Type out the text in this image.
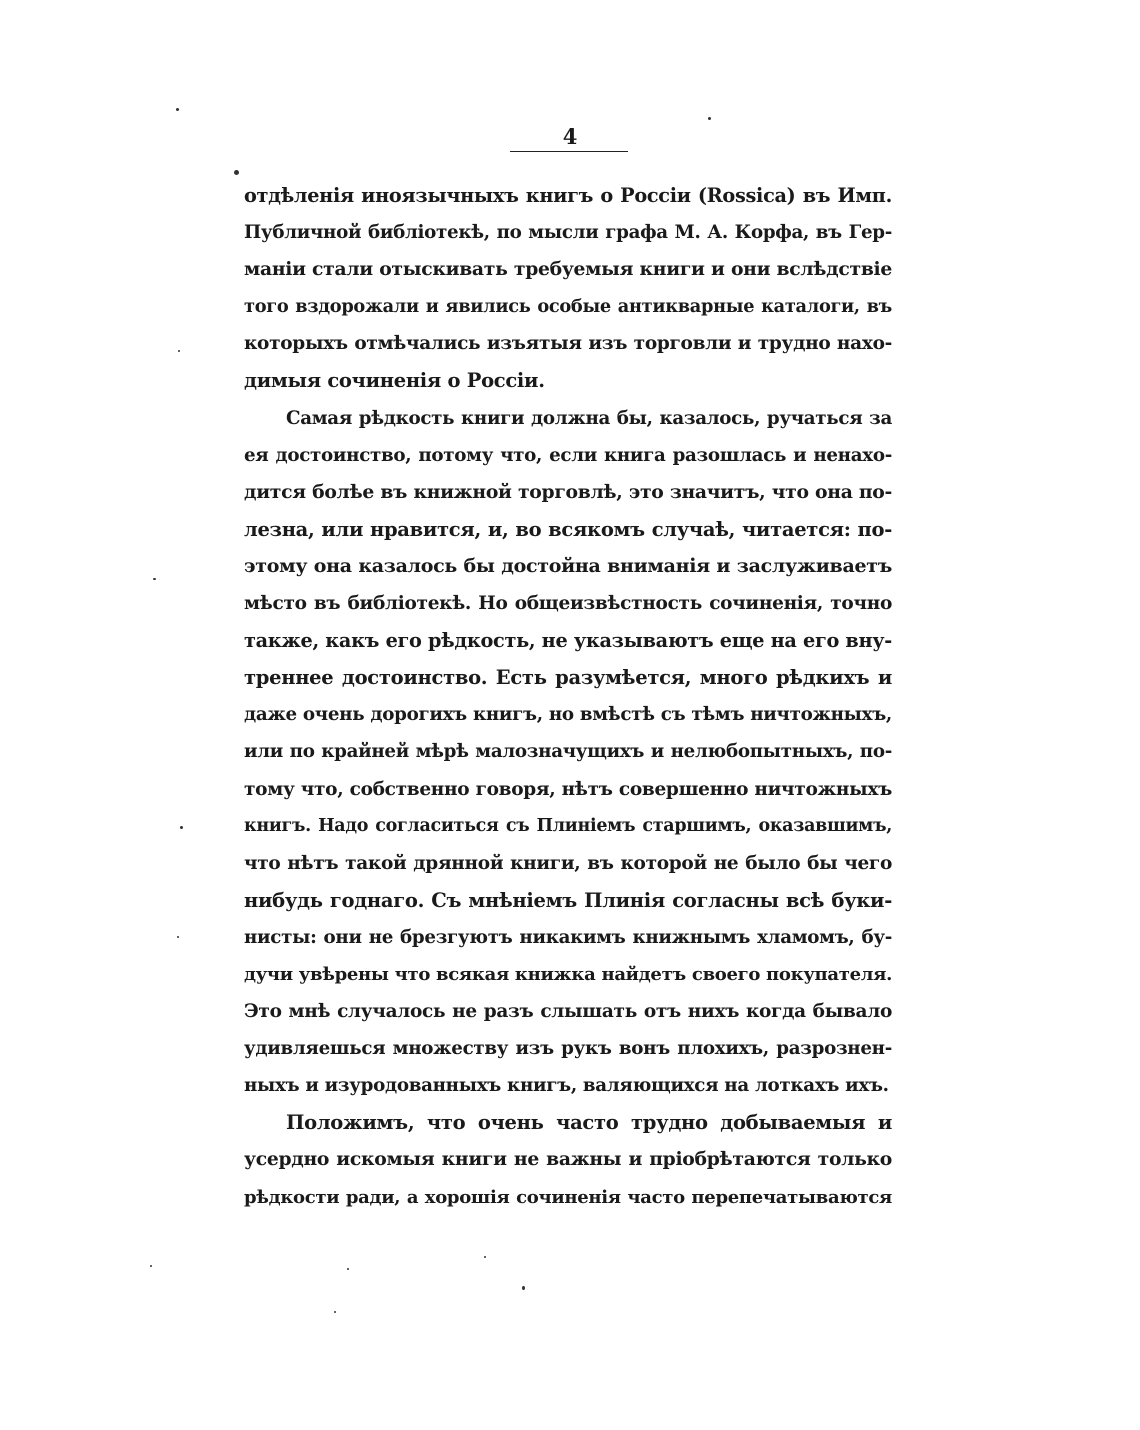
4
отдѣленія иноязычныхъ книгъ о Россіи (Rossica) въ Имп.
Публичной библіотекѣ, по мысли графа М. А. Корфа, въ Гер-
маніи стали отыскивать требуемыя книги и они вслѣдствіе
того вздорожали и явились особые антикварные каталоги, въ
которыхъ отмѣчались изъятыя изъ торговли и трудно нахо-
димыя сочиненія о Россіи.
Самая рѣдкость книги должна бы, казалось, ручаться за
ея достоинство, потому что, если книга разошлась и ненахо-
дится болѣе въ книжной торговлѣ, это значитъ, что она по-
лезна, или нравится, и, во всякомъ случаѣ, читается: по-
этому она казалось бы достойна вниманія и заслуживаетъ
мѣсто въ библіотекѣ. Но общеизвѣстность сочиненія, точно
также, какъ его рѣдкость, не указываютъ еще на его вну-
треннее достоинство. Есть разумѣется, много рѣдкихъ и
даже очень дорогихъ книгъ, но вмѣстѣ съ тѣмъ ничтожныхъ,
или по крайней мѣрѣ малозначущихъ и нелюбопытныхъ, по-
тому что, собственно говоря, нѣтъ совершенно ничтожныхъ
книгъ. Надо согласиться съ Плиніемъ старшимъ, оказавшимъ,
что нѣтъ такой дрянной книги, въ которой не было бы чего
нибудь годнаго. Съ мнѣніемъ Плинія согласны всѣ буки-
нисты: они не брезгуютъ никакимъ книжнымъ хламомъ, бу-
дучи увѣрены что всякая книжка найдетъ своего покупателя.
Это мнѣ случалось не разъ слышать отъ нихъ когда бывало
удивляешься множеству изъ рукъ вонъ плохихъ, разрознен-
ныхъ и изуродованныхъ книгъ, валяющихся на лоткахъ ихъ.
Положимъ, что очень часто трудно добываемыя и
усердно искомыя книги не важны и пріобрѣтаются только
рѣдкости ради, а хорошія сочиненія часто перепечатываются
